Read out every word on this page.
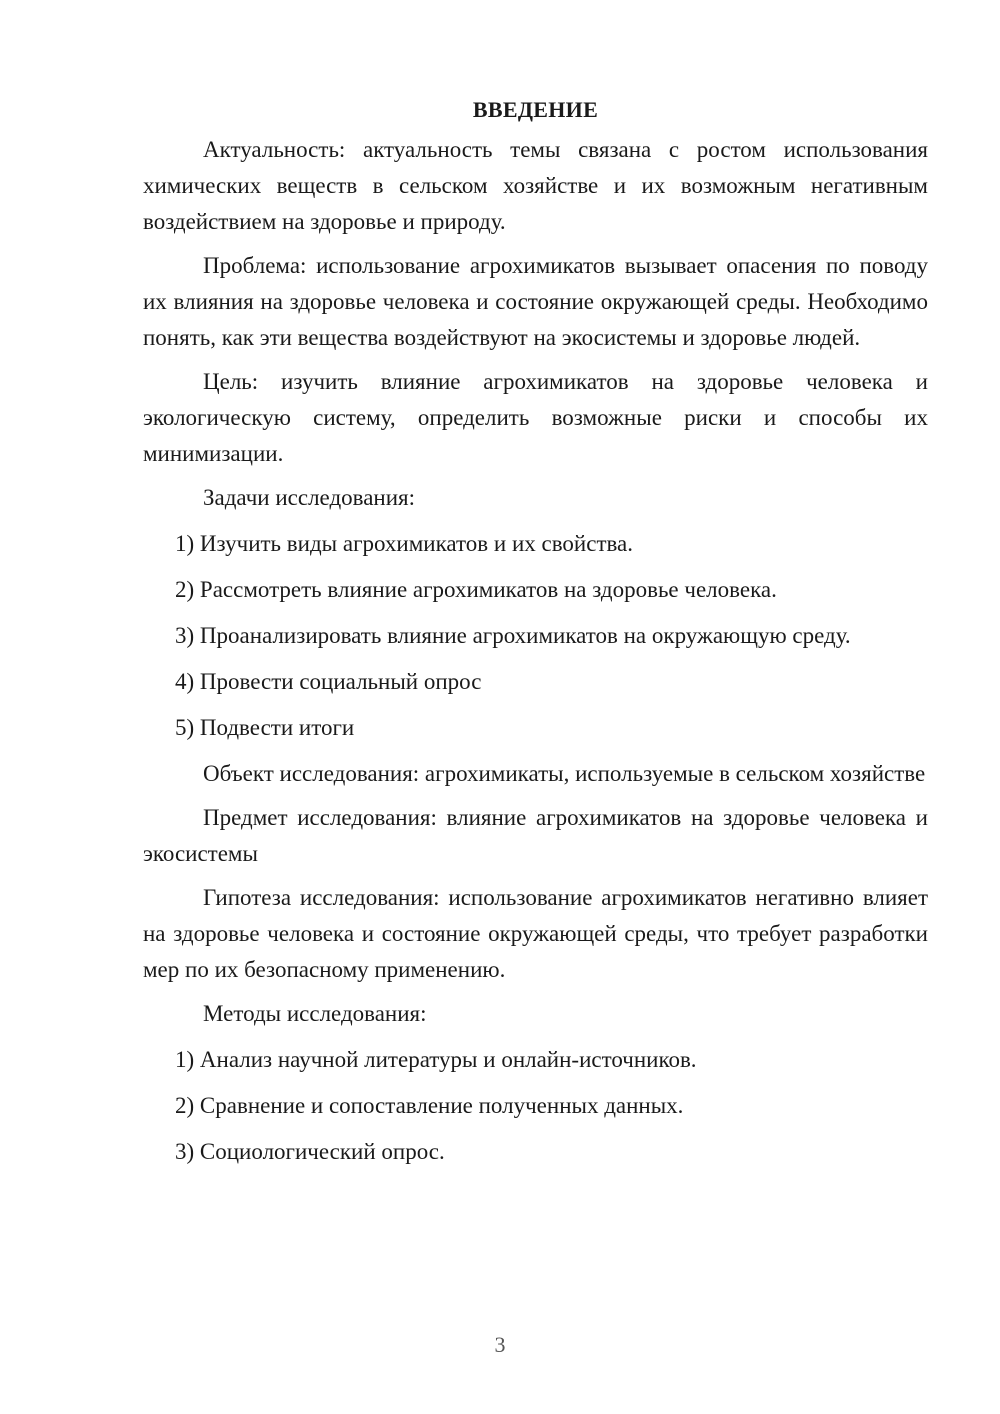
ВВЕДЕНИЕ

Актуальность: актуальность темы связана с ростом использования химических веществ в сельском хозяйстве и их возможным негативным воздействием на здоровье и природу.

Проблема: использование агрохимикатов вызывает опасения по поводу их влияния на здоровье человека и состояние окружающей среды. Необходимо понять, как эти вещества воздействуют на экосистемы и здоровье людей.

Цель: изучить влияние агрохимикатов на здоровье человека и экологическую систему, определить возможные риски и способы их минимизации.

Задачи исследования:

1) Изучить виды агрохимикатов и их свойства.
2) Рассмотреть влияние агрохимикатов на здоровье человека.
3) Проанализировать влияние агрохимикатов на окружающую среду.
4) Провести социальный опрос
5) Подвести итоги

Объект исследования: агрохимикаты, используемые в сельском хозяйстве

Предмет исследования: влияние агрохимикатов на здоровье человека и экосистемы

Гипотеза исследования: использование агрохимикатов негативно влияет на здоровье человека и состояние окружающей среды, что требует разработки мер по их безопасному применению.

Методы исследования:

1) Анализ научной литературы и онлайн-источников.
2) Сравнение и сопоставление полученных данных.
3) Социологический опрос.
3
